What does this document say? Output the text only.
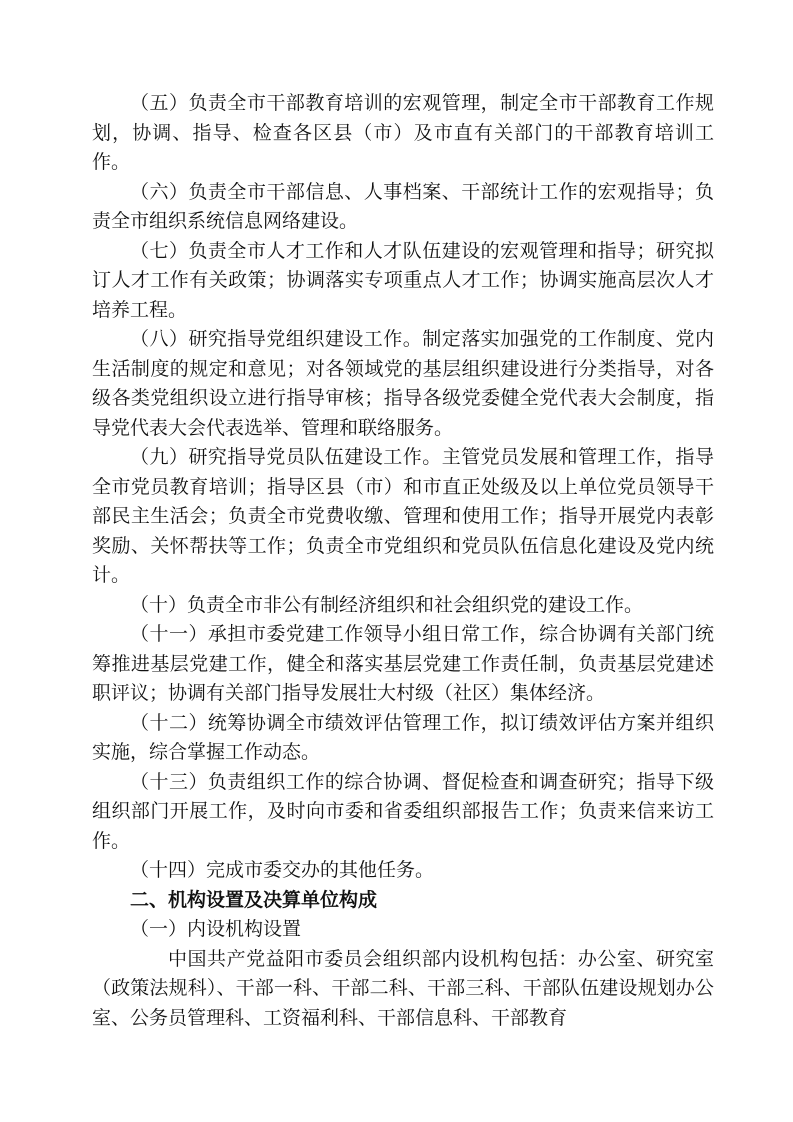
（五）负责全市干部教育培训的宏观管理，制定全市干部教育工作规划，协调、指导、检查各区县（市）及市直有关部门的干部教育培训工作。

（六）负责全市干部信息、人事档案、干部统计工作的宏观指导；负责全市组织系统信息网络建设。

（七）负责全市人才工作和人才队伍建设的宏观管理和指导；研究拟订人才工作有关政策；协调落实专项重点人才工作；协调实施高层次人才培养工程。

（八）研究指导党组织建设工作。制定落实加强党的工作制度、党内生活制度的规定和意见；对各领域党的基层组织建设进行分类指导，对各级各类党组织设立进行指导审核；指导各级党委健全党代表大会制度，指导党代表大会代表选举、管理和联络服务。

（九）研究指导党员队伍建设工作。主管党员发展和管理工作，指导全市党员教育培训；指导区县（市）和市直正处级及以上单位党员领导干部民主生活会；负责全市党费收缴、管理和使用工作；指导开展党内表彰奖励、关怀帮扶等工作；负责全市党组织和党员队伍信息化建设及党内统计。

（十）负责全市非公有制经济组织和社会组织党的建设工作。

（十一）承担市委党建工作领导小组日常工作，综合协调有关部门统筹推进基层党建工作，健全和落实基层党建工作责任制，负责基层党建述职评议；协调有关部门指导发展壮大村级（社区）集体经济。

（十二）统筹协调全市绩效评估管理工作，拟订绩效评估方案并组织实施，综合掌握工作动态。

（十三）负责组织工作的综合协调、督促检查和调查研究；指导下级组织部门开展工作，及时向市委和省委组织部报告工作；负责来信来访工作。

（十四）完成市委交办的其他任务。

二、机构设置及决算单位构成

（一）内设机构设置

中国共产党益阳市委员会组织部内设机构包括：办公室、研究室（政策法规科）、干部一科、干部二科、干部三科、干部队伍建设规划办公室、公务员管理科、工资福利科、干部信息科、干部教育
